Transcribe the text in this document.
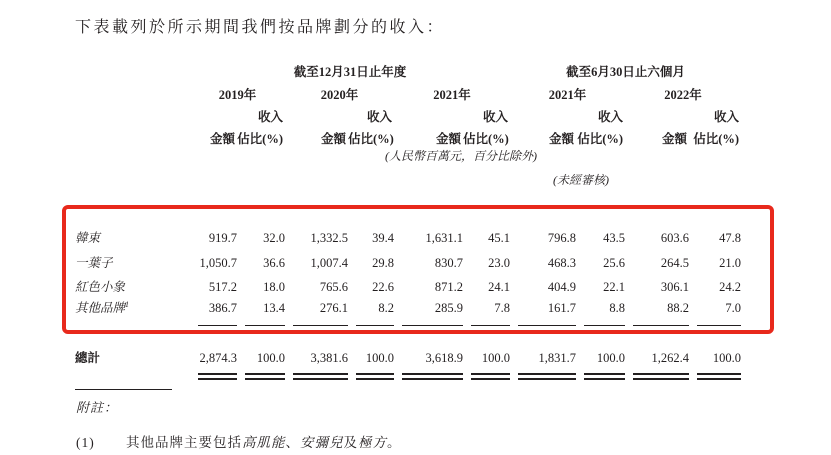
下表載列於所示期間我們按品牌劃分的收入：
	截至12月31日止年度						截至6月30日止六個月			
	2019年		2020年		2021年		2021年		2022年	
		收入		收入		收入		收入		收入
	金額	佔比(%)	金額	佔比(%)	金額	佔比(%)	金額	佔比(%)	金額	佔比(%)
(人民幣百萬元，百分比除外)										
(未經審核)										

韓束	919.7	32.0	1,332.5	39.4	1,631.1	45.1	796.8	43.5	603.6	47.8
一葉子	1,050.7	36.6	1,007.4	29.8	830.7	23.0	468.3	25.6	264.5	21.0
紅色小象	517.2	18.0	765.6	22.6	871.2	24.1	404.9	22.1	306.1	24.2
其他品牌$^1$	386.7	13.4	276.1	8.2	285.9	7.8	161.7	8.8	88.2	7.0

總計	2,874.3	100.0	3,381.6	100.0	3,618.9	100.0	1,831.7	100.0	1,262.4	100.0

附註：
(1) 其他品牌主要包括高肌能、安彌兒及極方。
